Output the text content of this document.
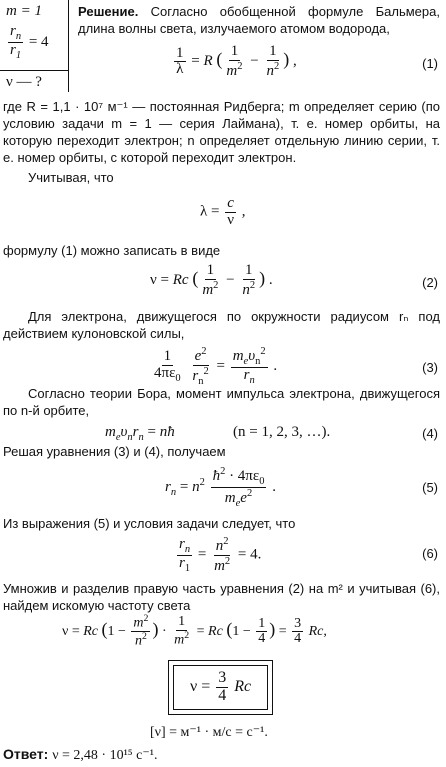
m = 1
$\frac{r_n}{r_1} = 4$
ν — ?
Решение. Согласно обобщенной формуле Бальмера, длина волны света, излучаемого атомом водорода,
$\frac{1}{\lambda} = R$ ( $\frac{1}{m^2} - \frac{1}{n^2}$ ) ,	(1)
где R = 1,1 · 10⁷ м⁻¹ — постоянная Ридберга; m определяет серию (по условию задачи m = 1 — серия Лаймана), т. е. номер орбиты, на которую переходит электрон; n определяет отдельную линию серии, т. е. номер орбиты, с которой переходит электрон.
Учитывая, что
$\lambda = \frac{c}{\nu}$ ,
формулу (1) можно записать в виде
ν = Rc ( $\frac{1}{m^2} - \frac{1}{n^2}$ ) .	(2)
Для электрона, движущегося по окружности радиусом rₙ под действием кулоновской силы,
$\frac{1}{4\pi\varepsilon_0}$
$\frac{e^2}{r_n^2} = \frac{m_e\upsilon_n^2}{r_n}$ .	(3)
Согласно теории Бора, момент импульса электрона, движущегося по n-й орбите,
$m_e\upsilon_nr_n$ = nħ	(n = 1, 2, 3, …).	(4)
Решая уравнения (3) и (4), получаем
$r_n = n^2 \frac{ħ^2 \cdot 4\pi\varepsilon_0}{m_ee^2}$ .	(5)
Из выражения (5) и условия задачи следует, что
$\frac{r_n}{r_1} = \frac{n^2}{m^2} = 4$.	(6)
Умножив и разделив правую часть уравнения (2) на m² и учитывая (6), найдем искомую частоту света
ν = Rc ($1 - \frac{m^2}{n^2}$ ) · $\frac{1}{m^2} = Rc$ ($1 - \frac{1}{4}$ ) = $\frac{3}{4} Rc$,
$\nu = \frac{3}{4}$ Rc
[ν] = м⁻¹ · м/с = с⁻¹.
Ответ: ν = 2,48 · 10¹⁵ с⁻¹.
